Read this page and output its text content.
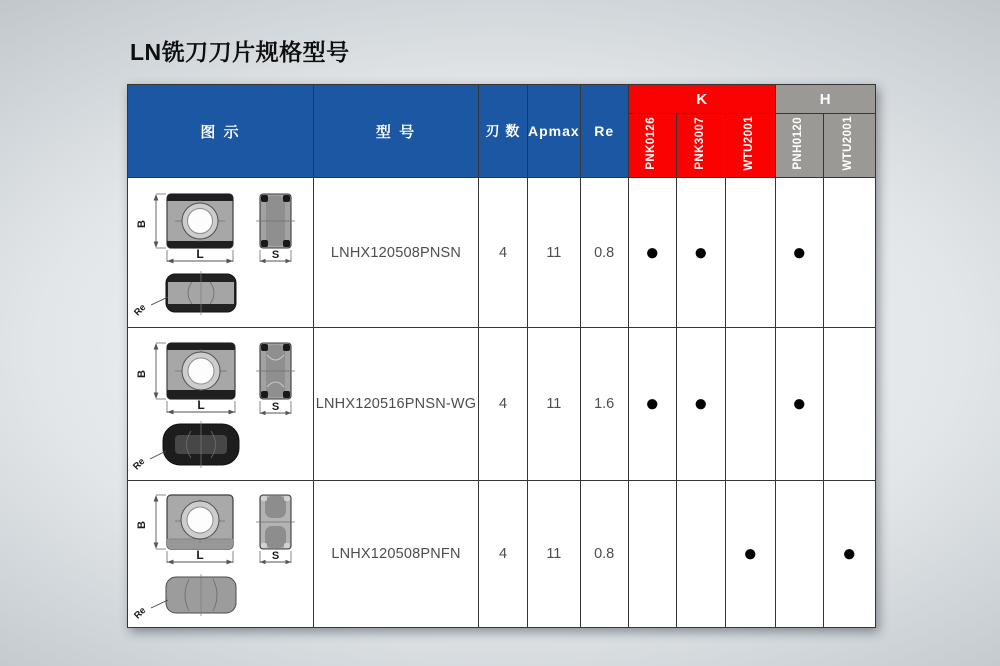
LN铣刀刀片规格型号
图 示	型 号	刃 数	Apmax	Re	K			H	
					PNK0126	PNK3007	WTU2001	PNH0120	WTU2001

B
L S
Re	LNHX120508PNSN	4	11	0.8	●	●		●	

B
L S
Re	LNHX120516PNSN-WG	4	11	1.6	●	●		●	

B
L S
Re	LNHX120508PNFN	4	11	0.8			●		●
